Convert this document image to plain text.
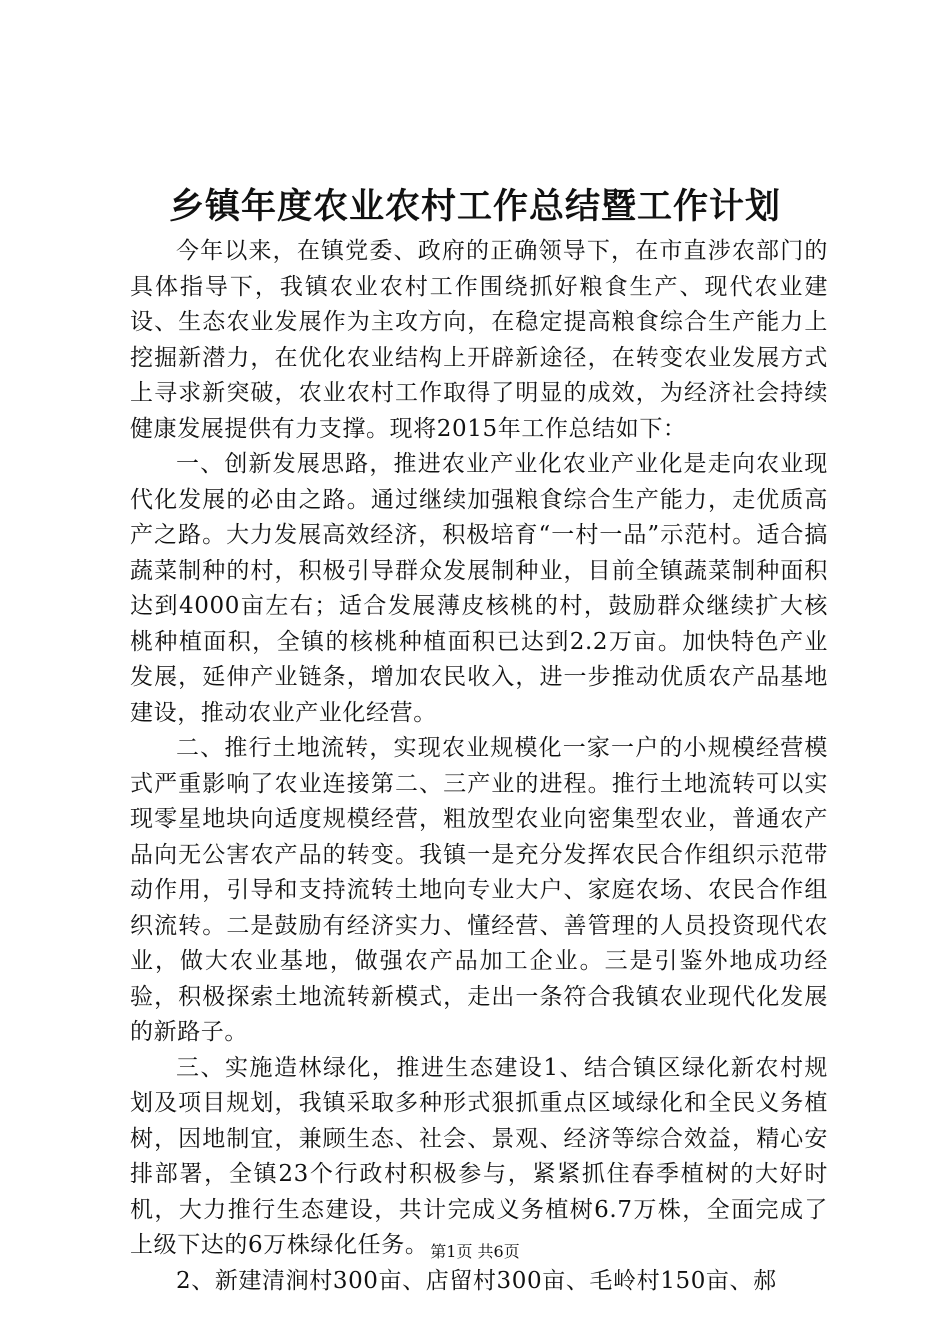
乡镇年度农业农村工作总结暨工作计划

今年以来，在镇党委、政府的正确领导下，在市直涉农部门的具体指导下，我镇农业农村工作围绕抓好粮食生产、现代农业建设、生态农业发展作为主攻方向，在稳定提高粮食综合生产能力上挖掘新潜力，在优化农业结构上开辟新途径，在转变农业发展方式上寻求新突破，农业农村工作取得了明显的成效，为经济社会持续健康发展提供有力支撑。现将2015年工作总结如下：

一、创新发展思路，推进农业产业化农业产业化是走向农业现代化发展的必由之路。通过继续加强粮食综合生产能力，走优质高产之路。大力发展高效经济，积极培育“一村一品”示范村。适合搞蔬菜制种的村，积极引导群众发展制种业，目前全镇蔬菜制种面积达到4000亩左右；适合发展薄皮核桃的村，鼓励群众继续扩大核桃种植面积，全镇的核桃种植面积已达到2.2万亩。加快特色产业发展，延伸产业链条，增加农民收入，进一步推动优质农产品基地建设，推动农业产业化经营。

二、推行土地流转，实现农业规模化一家一户的小规模经营模式严重影响了农业连接第二、三产业的进程。推行土地流转可以实现零星地块向适度规模经营，粗放型农业向密集型农业，普通农产品向无公害农产品的转变。我镇一是充分发挥农民合作组织示范带动作用，引导和支持流转土地向专业大户、家庭农场、农民合作组织流转。二是鼓励有经济实力、懂经营、善管理的人员投资现代农业，做大农业基地，做强农产品加工企业。三是引鉴外地成功经验，积极探索土地流转新模式，走出一条符合我镇农业现代化发展的新路子。

三、实施造林绿化，推进生态建设1、结合镇区绿化新农村规划及项目规划，我镇采取多种形式狠抓重点区域绿化和全民义务植树，因地制宜，兼顾生态、社会、景观、经济等综合效益，精心安排部署，全镇23个行政村积极参与，紧紧抓住春季植树的大好时机，大力推行生态建设，共计完成义务植树6.7万株，全面完成了上级下达的6万株绿化任务。

2、新建清涧村300亩、店留村300亩、毛岭村150亩、郝

第1页 共6页
